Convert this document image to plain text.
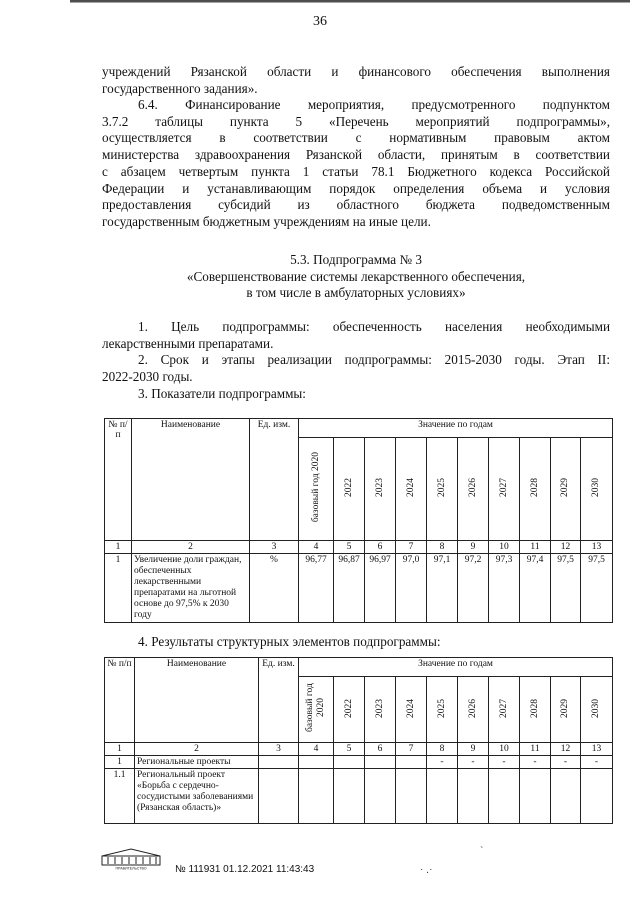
36
учреждений Рязанской области и финансового обеспечения выполнения
государственного задания».
6.4. Финансирование мероприятия, предусмотренного подпунктом
3.7.2 таблицы пункта 5 «Перечень мероприятий подпрограммы»,
осуществляется в соответствии с нормативным правовым актом
министерства здравоохранения Рязанской области, принятым в соответствии
с абзацем четвертым пункта 1 статьи 78.1 Бюджетного кодекса Российской
Федерации и устанавливающим порядок определения объема и условия
предоставления субсидий из областного бюджета подведомственным
государственным бюджетным учреждениям на иные цели.
5.3. Подпрограмма № 3
«Совершенствование системы лекарственного обеспечения,
в том числе в амбулаторных условиях»
1. Цель подпрограммы: обеспеченность населения необходимыми
лекарственными препаратами.
2. Срок и этапы реализации подпрограммы: 2015-2030 годы. Этап II:
2022-2030 годы.
3. Показатели подпрограммы:
№ п/п	Наименование	Ед. изм.	Значение по годам									
			базовый год 2020	2022	2023	2024	2025	2026	2027	2028	2029	2030
1	2	3	4	5	6	7	8	9	10	11	12	13
1	Увеличение доли граждан, обеспеченных лекарственными препаратами на льготной основе до 97,5% к 2030 году	%	96,77	96,87	96,97	97,0	97,1	97,2	97,3	97,4	97,5	97,5
4. Результаты структурных элементов подпрограммы:
№ п/п	Наименование	Ед. изм.	Значение по годам									
			базовый год 2020	2022	2023	2024	2025	2026	2027	2028	2029	2030
1	2	3	4	5	6	7	8	9	10	11	12	13
1	Региональные проекты						-	-	-	-	-	-
1.1	Региональный проект «Борьба с сердечно-сосудистыми заболеваниями (Рязанская область)»											
ПРАВИТЕЛЬСТВО	№ 111931 01.12.2021 11:43:43
ˋ
˙ ·˙
